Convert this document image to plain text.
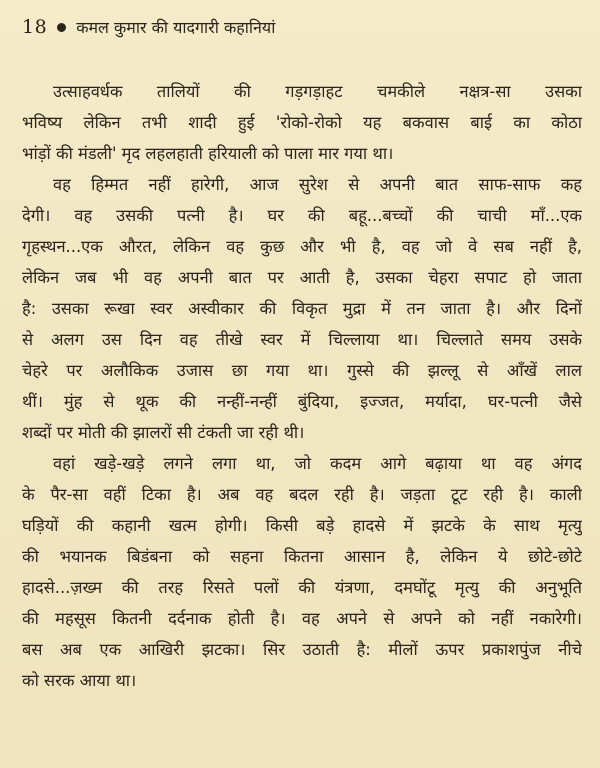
18 कमल कुमार की यादगारी कहानियां
उत्साहवर्धक तालियों की गड़गड़ाहट चमकीले नक्षत्र-सा उसका
भविष्य लेकिन तभी शादी हुई 'रोको-रोको यह बकवास बाई का कोठा
भांड़ों की मंडली' मृद लहलहाती हरियाली को पाला मार गया था।
वह हिम्मत नहीं हारेगी, आज सुरेश से अपनी बात साफ-साफ कह
देगी। वह उसकी पत्नी है। घर की बहू...बच्चों की चाची माँ...एक
गृहस्थन...एक औरत, लेकिन वह कुछ और भी है, वह जो वे सब नहीं है,
लेकिन जब भी वह अपनी बात पर आती है, उसका चेहरा सपाट हो जाता
है: उसका रूखा स्वर अस्वीकार की विकृत मुद्रा में तन जाता है। और दिनों
से अलग उस दिन वह तीखे स्वर में चिल्लाया था। चिल्लाते समय उसके
चेहरे पर अलौकिक उजास छा गया था। गुस्से की झल्लू से आँखें लाल
थीं। मुंह से थूक की नन्हीं-नन्हीं बुंदिया, इज्जत, मर्यादा, घर-पत्नी जैसे
शब्दों पर मोती की झालरों सी टंकती जा रही थी।
वहां खड़े-खड़े लगने लगा था, जो कदम आगे बढ़ाया था वह अंगद
के पैर-सा वहीं टिका है। अब वह बदल रही है। जड़ता टूट रही है। काली
घड़ियों की कहानी खत्म होगी। किसी बड़े हादसे में झटके के साथ मृत्यु
की भयानक बिडंबना को सहना कितना आसान है, लेकिन ये छोटे-छोटे
हादसे...ज़ख्म की तरह रिसते पलों की यंत्रणा, दमघोंटू मृत्यु की अनुभूति
की महसूस कितनी दर्दनाक होती है। वह अपने से अपने को नहीं नकारेगी।
बस अब एक आखिरी झटका। सिर उठाती है: मीलों ऊपर प्रकाशपुंज नीचे
को सरक आया था।
